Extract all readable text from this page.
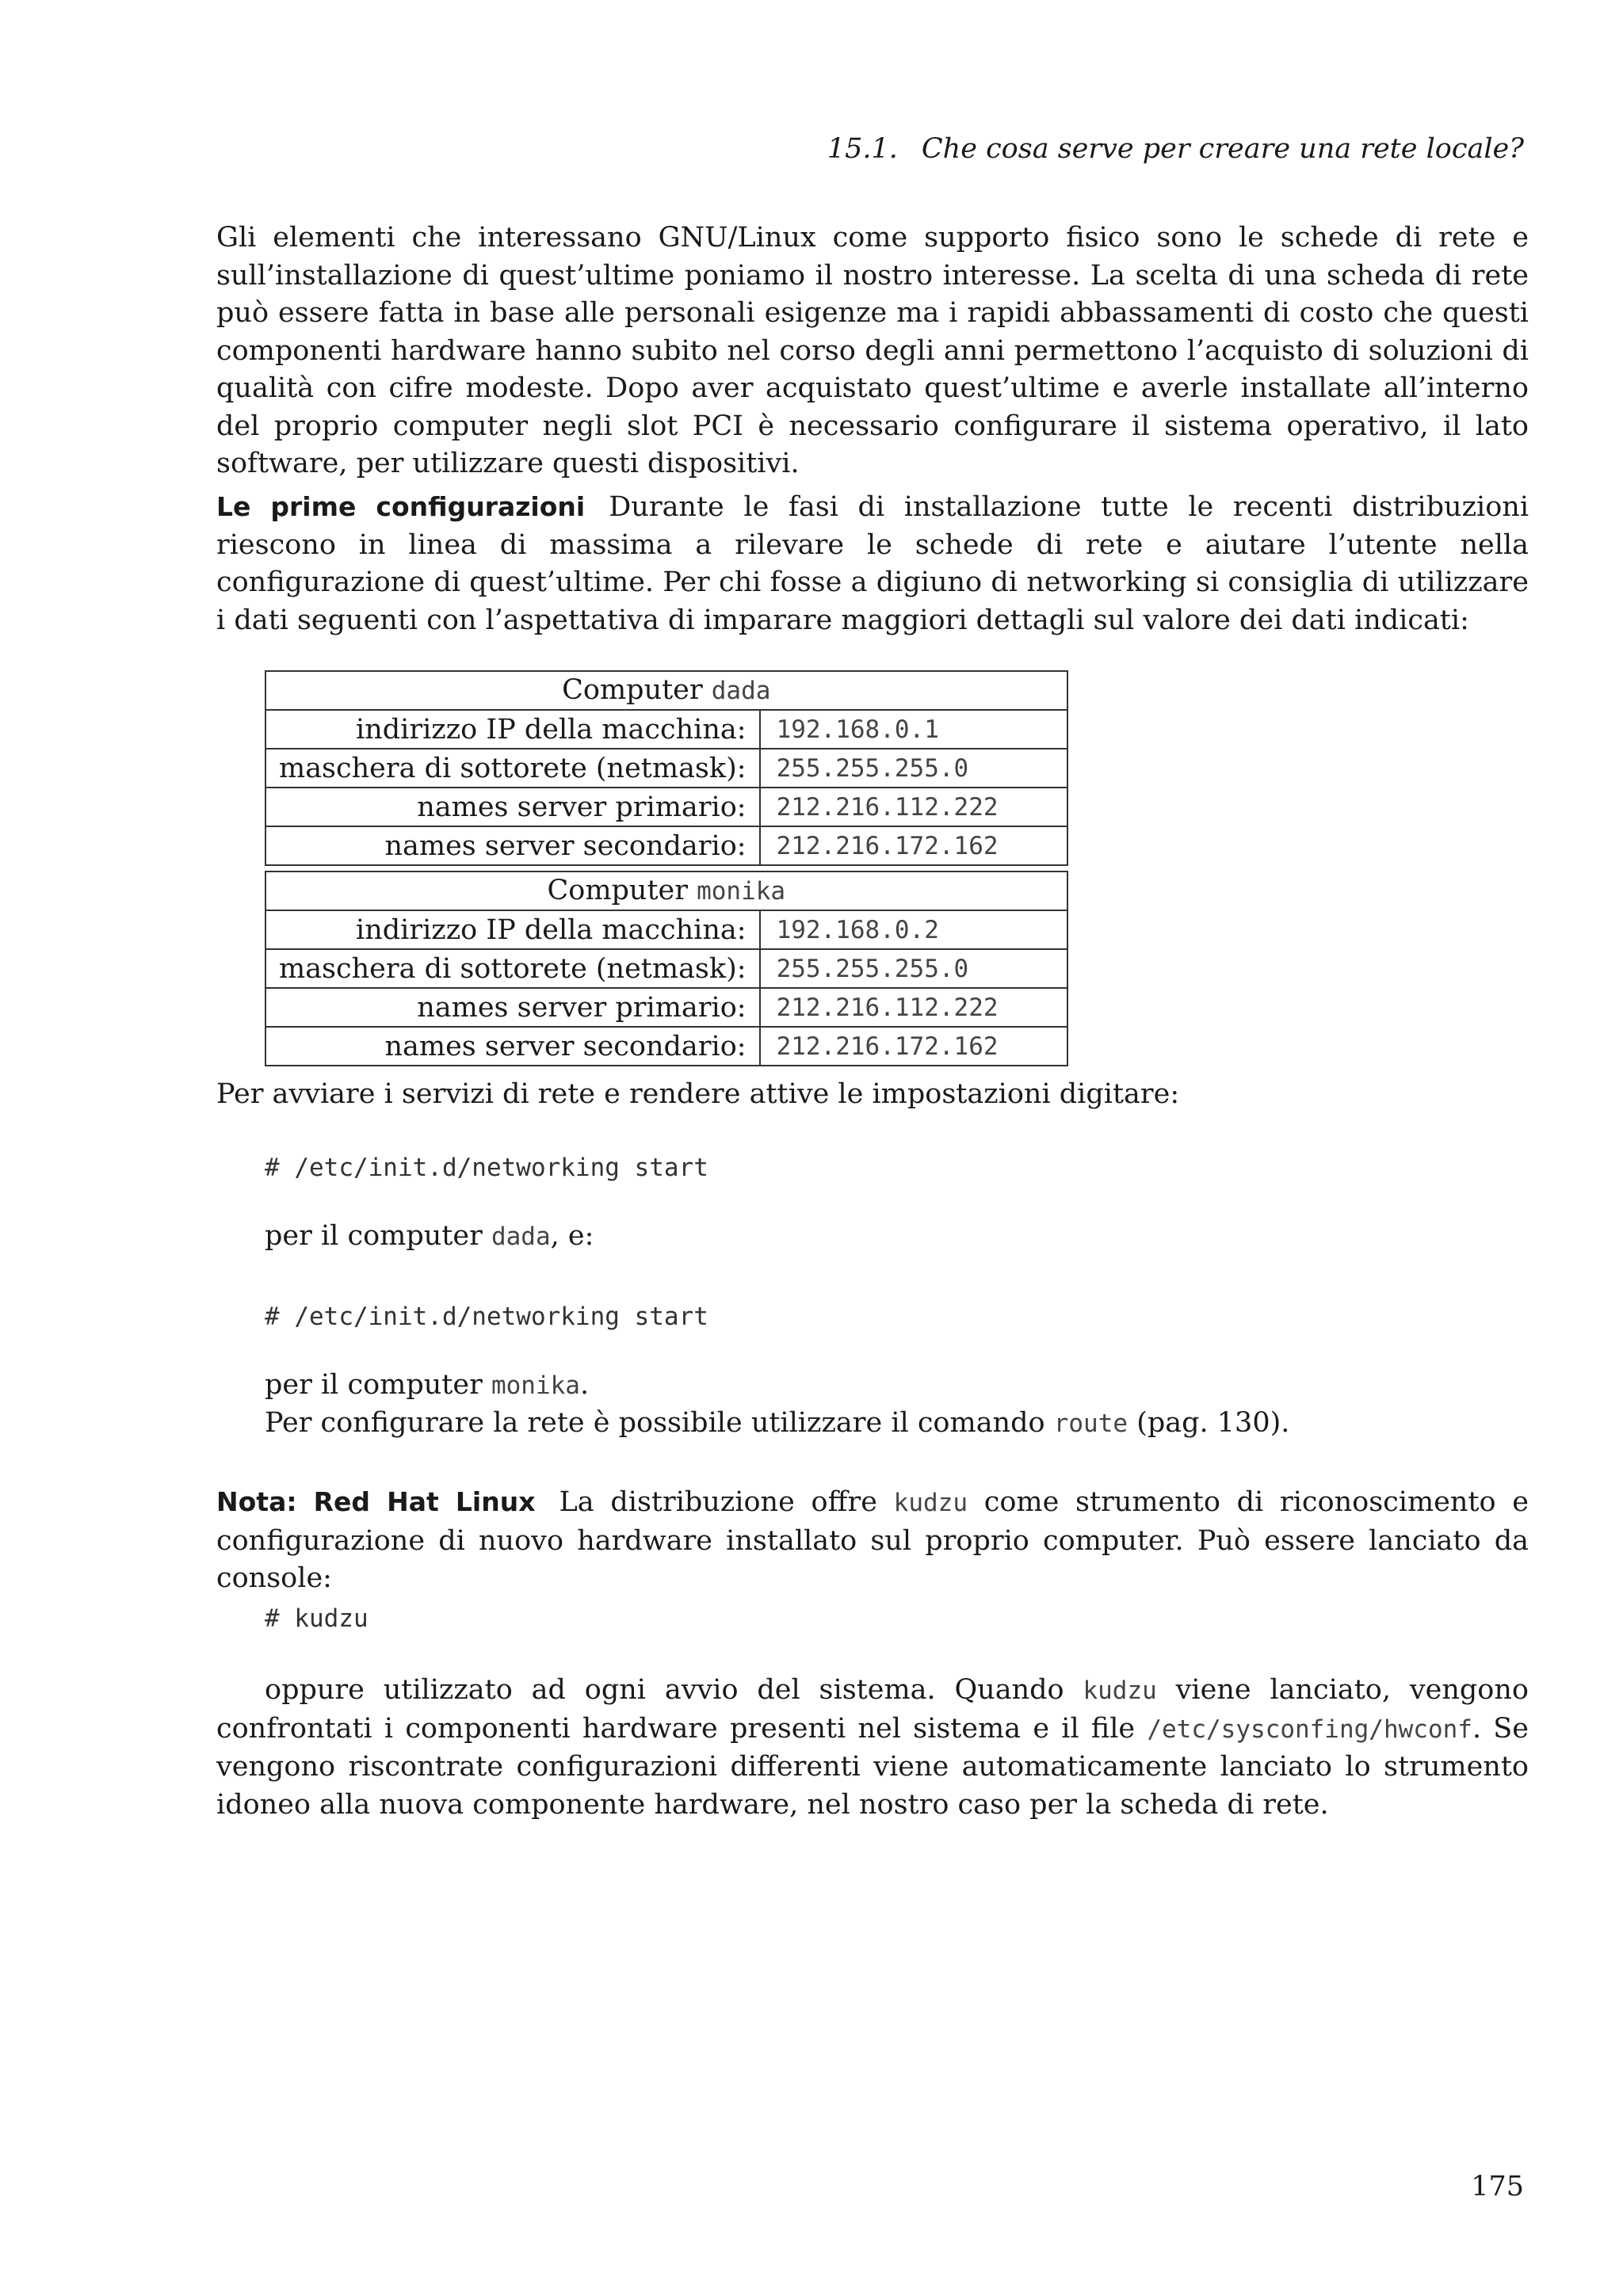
15.1. Che cosa serve per creare una rete locale?

Gli elementi che interessano GNU/Linux come supporto fisico sono le schede di rete e sull’installazione di quest’ultime poniamo il nostro interesse. La scelta di una scheda di rete può essere fatta in base alle personali esigenze ma i rapidi abbassamenti di costo che questi componenti hardware hanno subito nel corso degli anni permettono l’acquisto di soluzioni di qualità con cifre modeste. Dopo aver acquistato quest’ultime e averle installate all’interno del proprio computer negli slot PCI è necessario configurare il sistema operativo, il lato software, per utilizzare questi dispositivi.

Le prime configurazioni Durante le fasi di installazione tutte le recenti distribuzioni riescono in linea di massima a rilevare le schede di rete e aiutare l’utente nella configurazione di quest’ultime. Per chi fosse a digiuno di networking si consiglia di utilizzare i dati seguenti con l’aspettativa di imparare maggiori dettagli sul valore dei dati indicati:

Computer dada	
indirizzo IP della macchina:	192.168.0.1
maschera di sottorete (netmask):	255.255.255.0
names server primario:	212.216.112.222
names server secondario:	212.216.172.162

Computer monika	
indirizzo IP della macchina:	192.168.0.2
maschera di sottorete (netmask):	255.255.255.0
names server primario:	212.216.112.222
names server secondario:	212.216.172.162

Per avviare i servizi di rete e rendere attive le impostazioni digitare:

# /etc/init.d/networking start
per il computer dada, e:
# /etc/init.d/networking start
per il computer monika.
Per configurare la rete è possibile utilizzare il comando route (pag. 130).

Nota: Red Hat Linux La distribuzione offre kudzu come strumento di riconoscimento e configurazione di nuovo hardware installato sul proprio computer. Può essere lanciato da console:

# kudzu

oppure utilizzato ad ogni avvio del sistema. Quando kudzu viene lanciato, vengono confrontati i componenti hardware presenti nel sistema e il file /etc/sysconfing/hwconf. Se vengono riscontrate configurazioni differenti viene automaticamente lanciato lo strumento idoneo alla nuova componente hardware, nel nostro caso per la scheda di rete.

175
